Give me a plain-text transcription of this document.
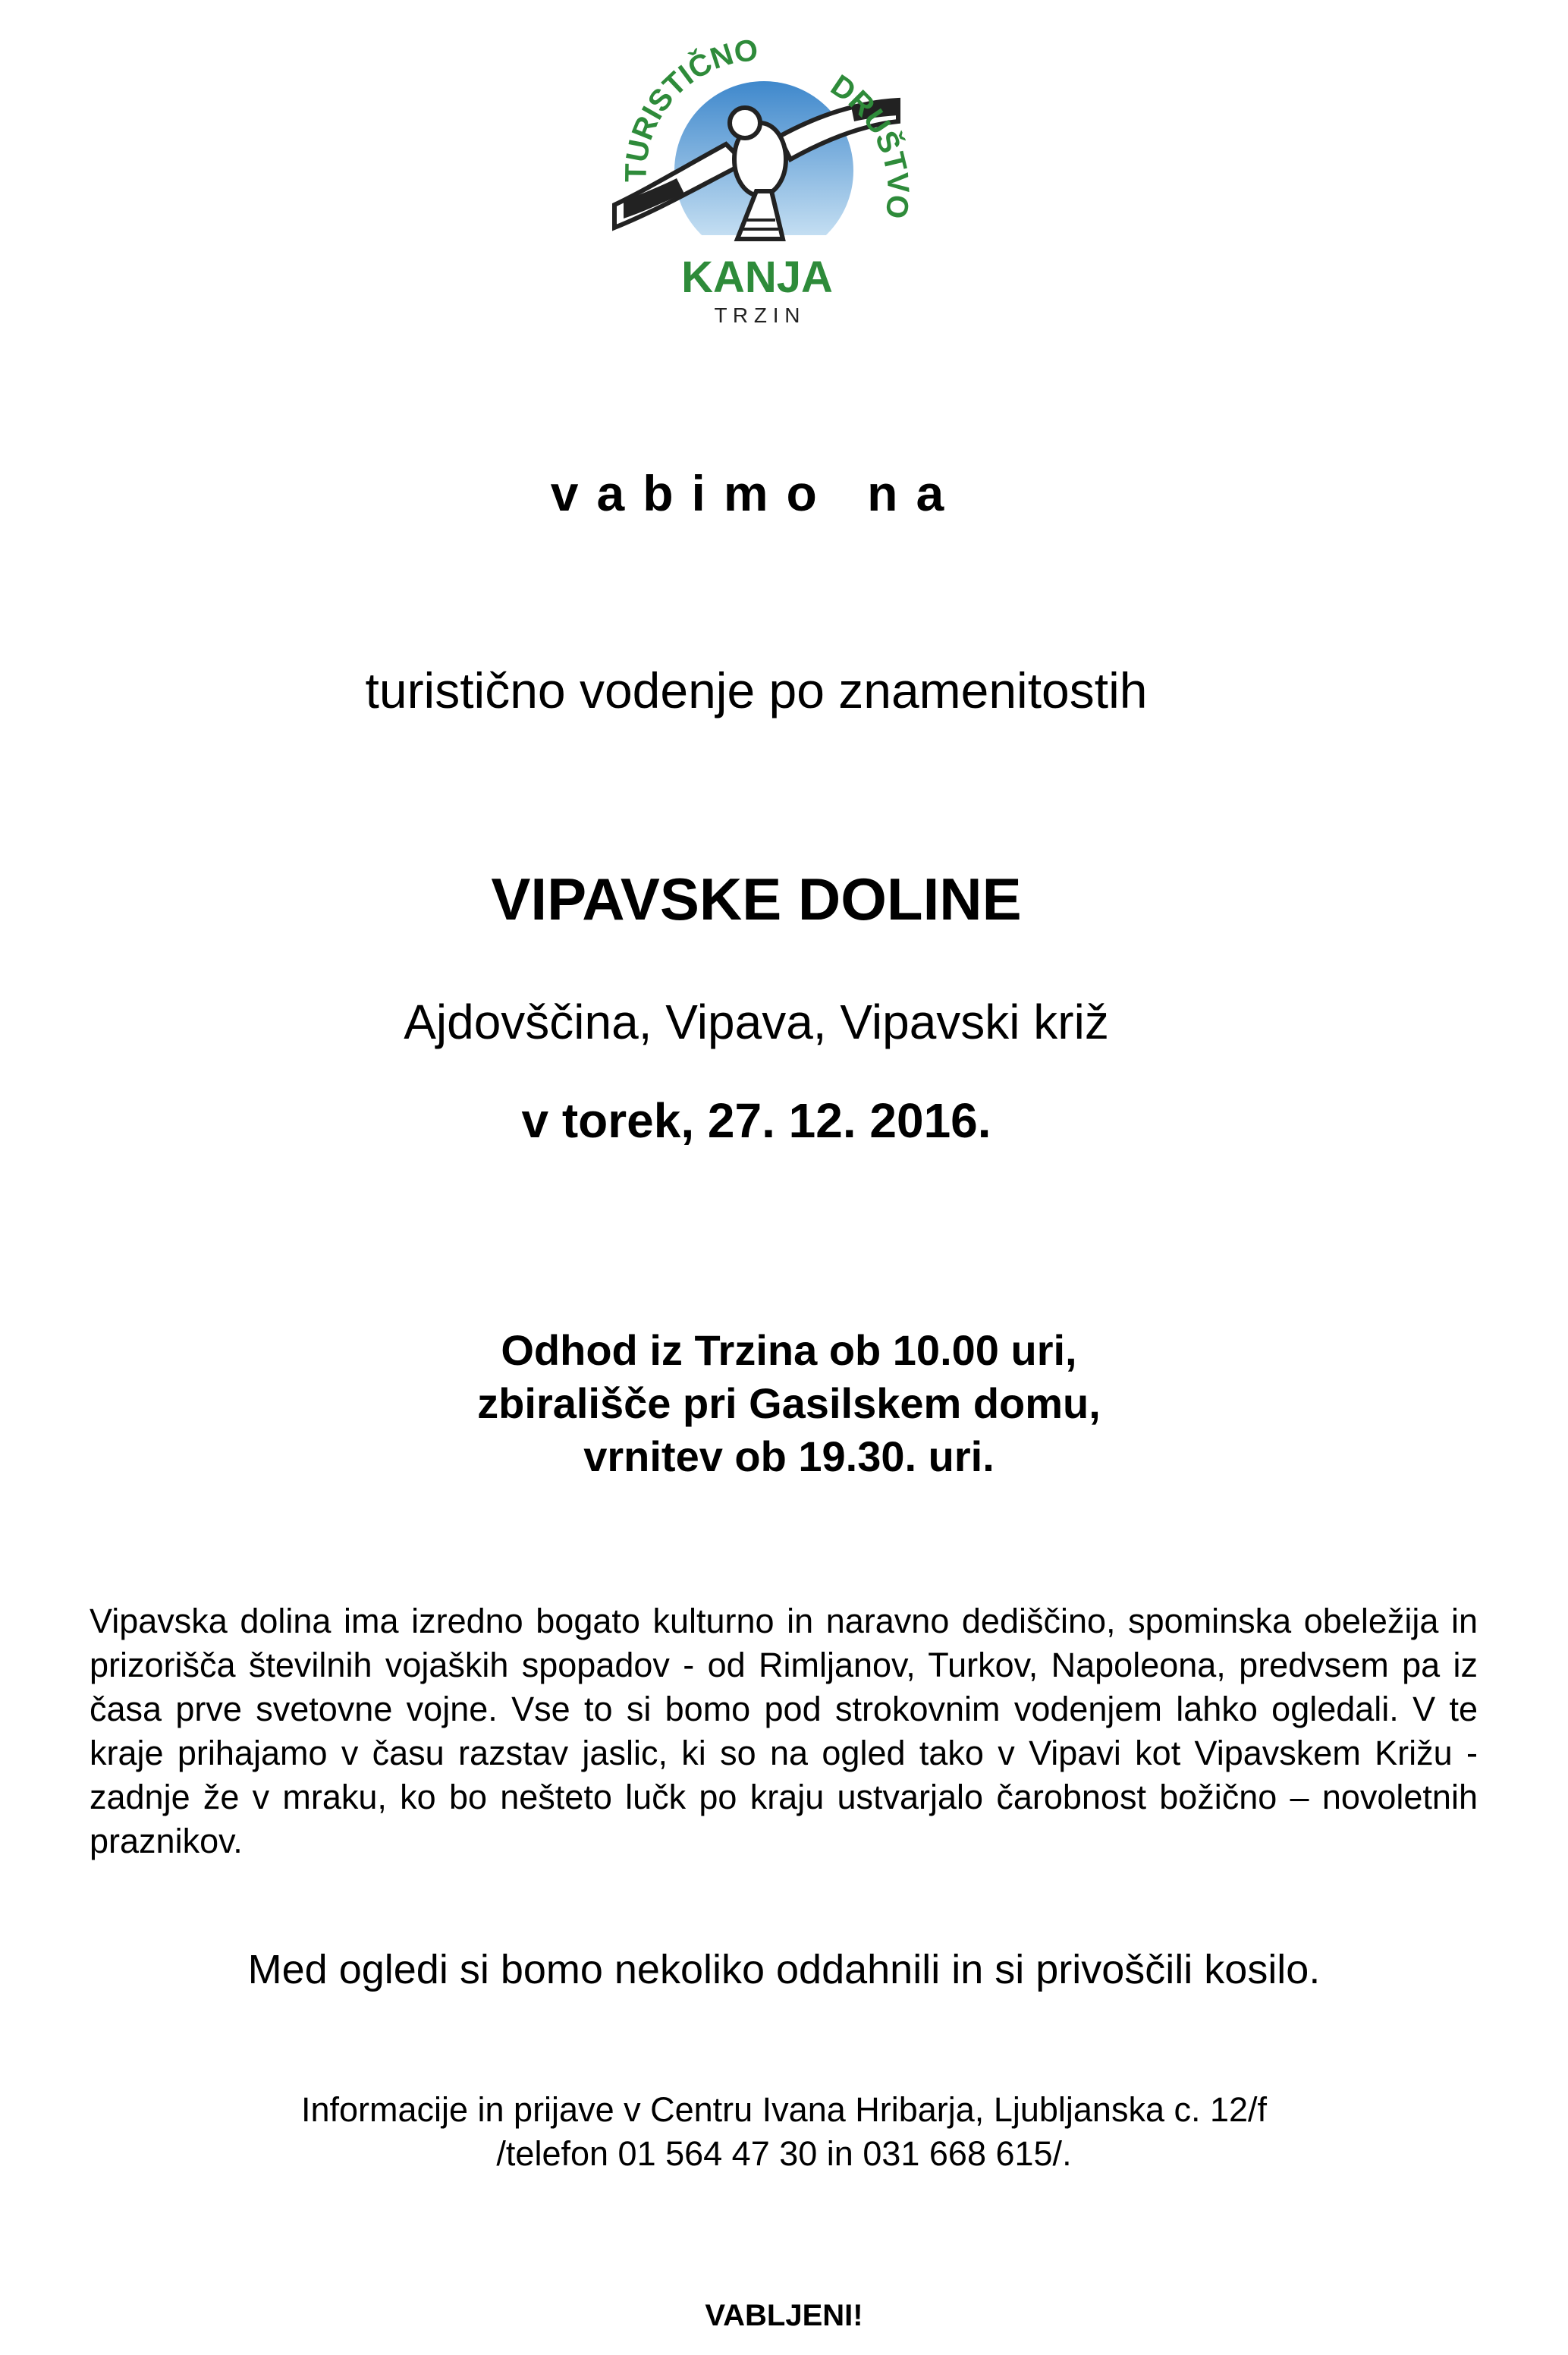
TURISTIČNO
DRUŠTVO
KANJA
T R Z I N
vabimo na
turistično vodenje po znamenitostih
VIPAVSKE DOLINE
Ajdovščina, Vipava, Vipavski križ
v torek, 27. 12. 2016.
Odhod iz Trzina ob 10.00 uri,
zbirališče pri Gasilskem domu,
vrnitev ob 19.30. uri.
Vipavska dolina ima izredno bogato kulturno in naravno dediščino, spominska obeležija in prizorišča številnih vojaških spopadov - od Rimljanov, Turkov, Napoleona, predvsem pa iz časa prve svetovne vojne. Vse to si bomo pod strokovnim vodenjem lahko ogledali. V te kraje prihajamo v času razstav jaslic, ki so na ogled tako v Vipavi kot Vipavskem Križu - zadnje že v mraku, ko bo nešteto lučk po kraju ustvarjalo čarobnost božično – novoletnih praznikov.
Med ogledi si bomo nekoliko oddahnili in si privoščili kosilo.
Informacije in prijave v Centru Ivana Hribarja, Ljubljanska c. 12/f
/telefon 01 564 47 30 in 031 668 615/.
VABLJENI!
